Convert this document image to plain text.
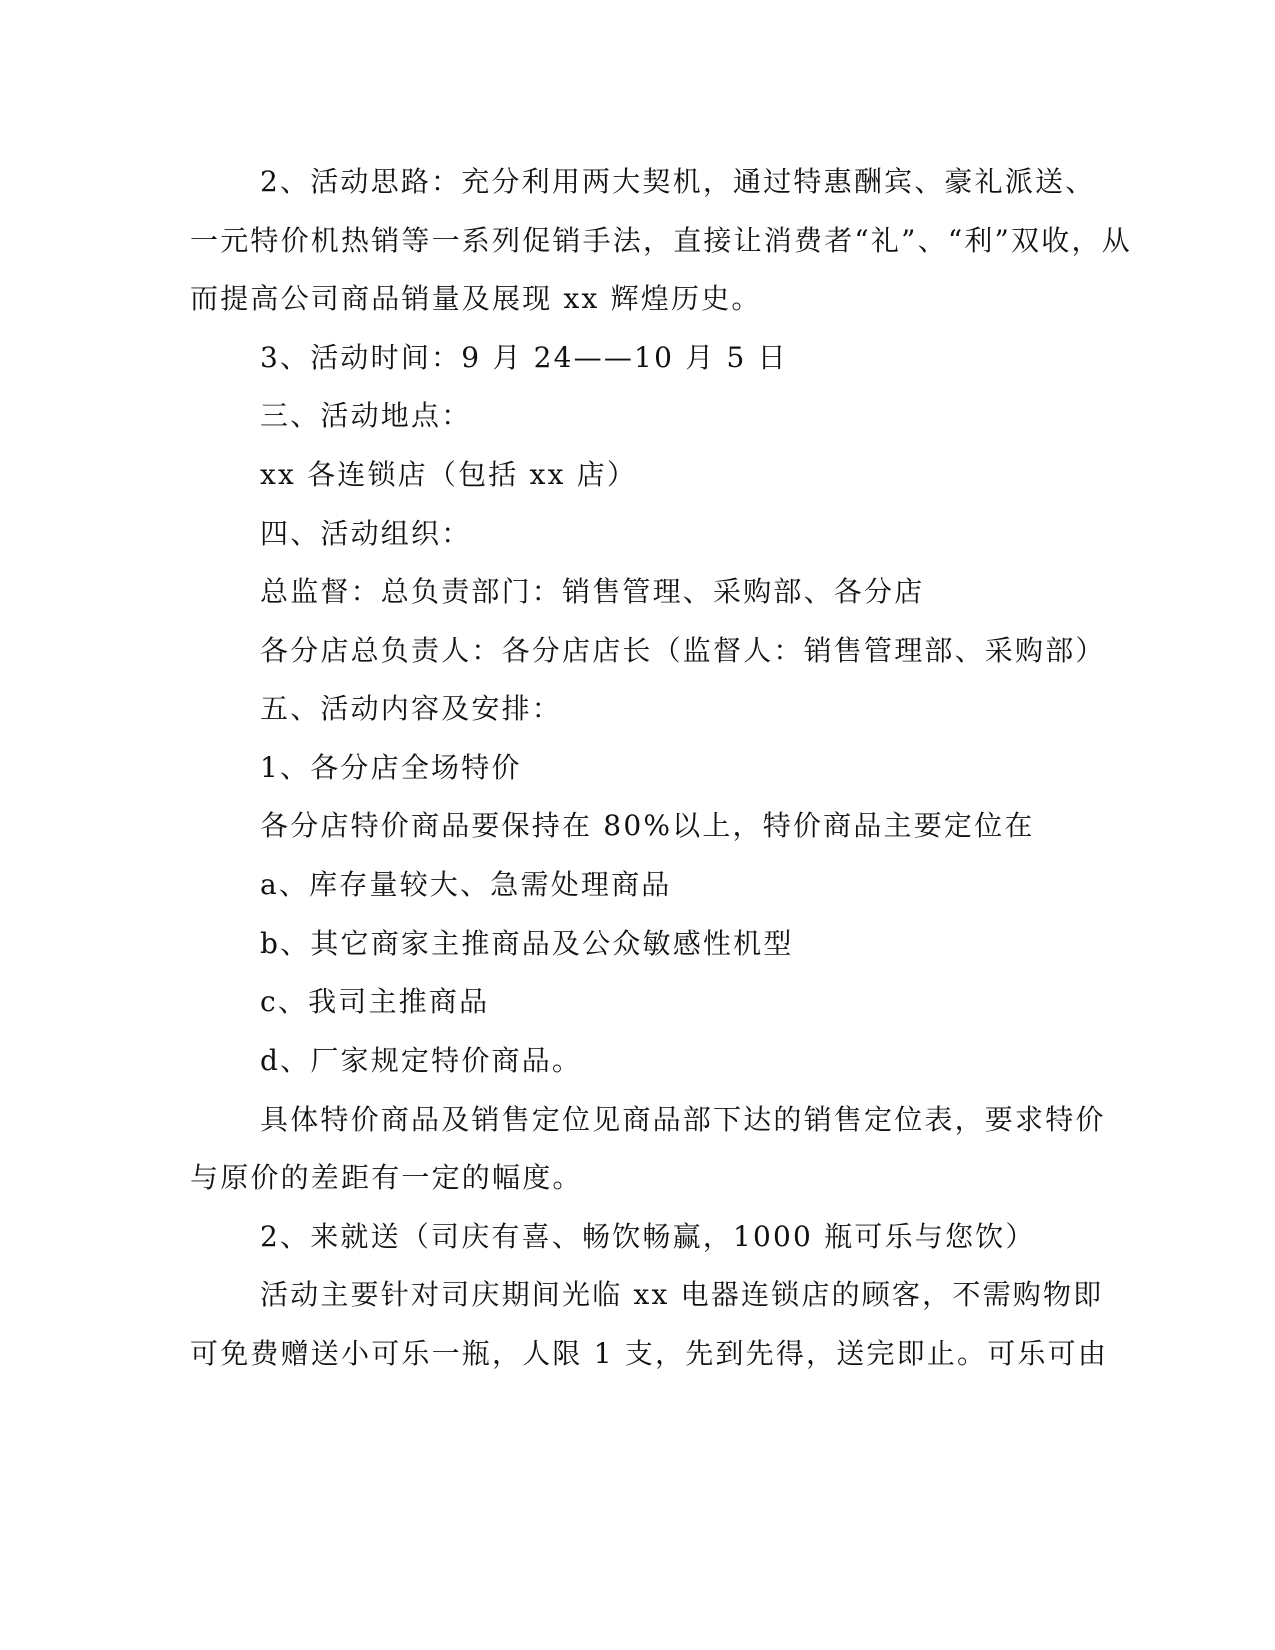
2、活动思路：充分利用两大契机，通过特惠酬宾、豪礼派送、
一元特价机热销等一系列促销手法，直接让消费者“礼”、“利”双收，从
而提高公司商品销量及展现 xx 辉煌历史。
3、活动时间：9 月 24——10 月 5 日
三、活动地点：
xx 各连锁店（包括 xx 店）
四、活动组织：
总监督：总负责部门：销售管理、采购部、各分店
各分店总负责人：各分店店长（监督人：销售管理部、采购部）
五、活动内容及安排：
1、各分店全场特价
各分店特价商品要保持在 80%以上，特价商品主要定位在
a、库存量较大、急需处理商品
b、其它商家主推商品及公众敏感性机型
c、我司主推商品
d、厂家规定特价商品。
具体特价商品及销售定位见商品部下达的销售定位表，要求特价
与原价的差距有一定的幅度。
2、来就送（司庆有喜、畅饮畅赢，1000 瓶可乐与您饮）
活动主要针对司庆期间光临 xx 电器连锁店的顾客，不需购物即
可免费赠送小可乐一瓶，人限 1 支，先到先得，送完即止。可乐可由
